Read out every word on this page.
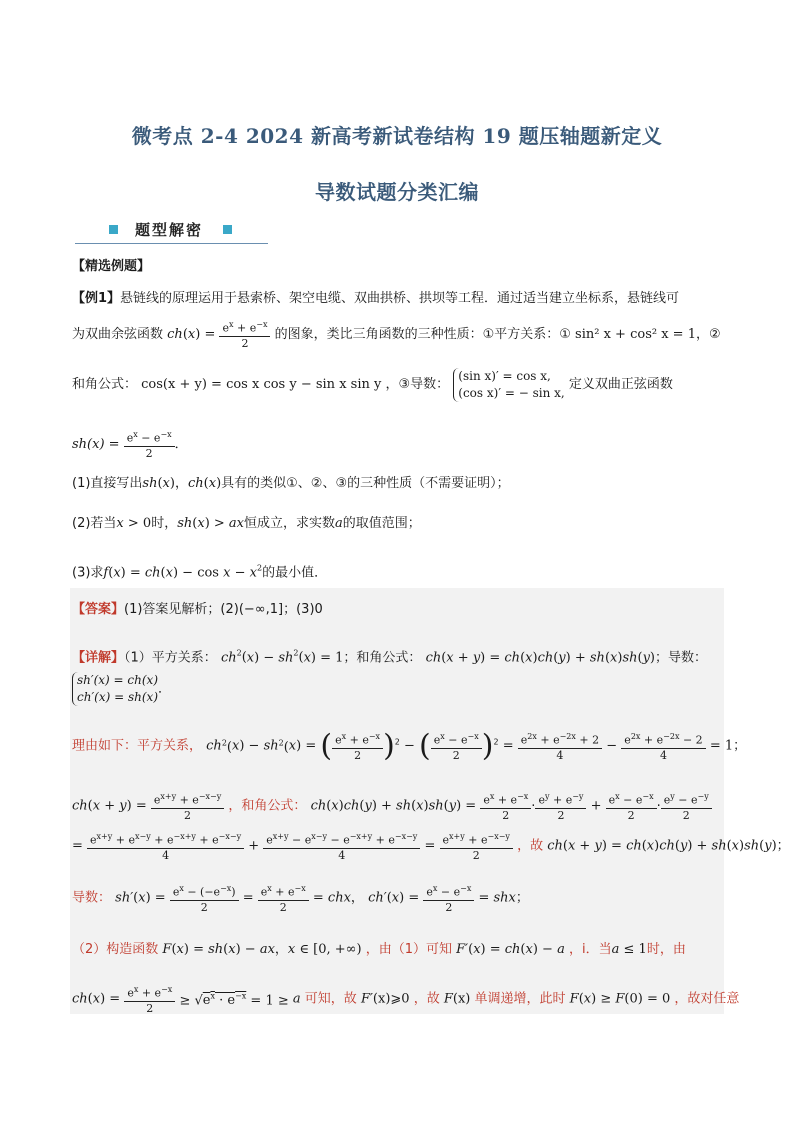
微考点 2-4 2024 新高考新试卷结构 19 题压轴题新定义
导数试题分类汇编
题型解密
【精选例题】
【例1】悬链线的原理运用于悬索桥、架空电缆、双曲拱桥、拱坝等工程．通过适当建立坐标系，悬链线可
为双曲余弦函数 $ch(x) = \frac{e^x + e^{-x}}{2}$ 的图象，类比三角函数的三种性质：①平方关系：① sin² x + cos² x = 1，②
和角公式： cos(x + y) = cos x cos y − sin x sin y ，③导数：
(sin x)′ = cos x,
(cos x)′ = − sin x,
定义双曲正弦函数
$sh(x) = \frac{e^x - e^{-x}}{2}$ ．
(1)直接写出sh(x)，ch(x)具有的类似①、②、③的三种性质（不需要证明）；
(2)若当x > 0时，sh(x) > ax恒成立，求实数a的取值范围；
(3)求$f(x) = ch(x) - \cos x - x^2$的最小值．
【答案】(1)答案见解析；(2)(−∞,1]；(3)0
【详解】（1）平方关系： $ch^2(x) - sh^2(x) = 1$；和角公式： ch(x + y) = ch(x)ch(y) + sh(x)sh(y)；导数：
sh′(x) = ch(x)
ch′(x) = sh(x)
．
理由如下：平方关系， $ch^2(x) - sh^2(x)$ = ( $\frac{e^x + e^{-x}}{2} )^2$ − ( $\frac{e^x - e^{-x}}{2} )^2 = \frac{e^{2x} + e^{-2x} + 2}{4} - \frac{e^{2x} + e^{-2x} - 2}{4} = 1$；
$ch(x + y) = \frac{e^{x+y} + e^{-x-y}}{2}$ ，和角公式： $ch(x)ch(y) + sh(x)sh(y) = \frac{e^x + e^{-x}}{2} \cdot \frac{e^y + e^{-y}}{2} + \frac{e^x - e^{-x}}{2} \cdot \frac{e^y - e^{-y}}{2}$
= $\frac{e^{x+y} + e^{x-y} + e^{-x+y} + e^{-x-y}}{4} + \frac{e^{x+y} - e^{x-y} - e^{-x+y} + e^{-x-y}}{4} = \frac{e^{x+y} + e^{-x-y}}{2}$ ，故 ch(x + y) = ch(x)ch(y) + sh(x)sh(y)；
导数： $sh'(x) = \frac{e^x - (-e^{-x})}{2} = \frac{e^x + e^{-x}}{2}$ = chx， $ch'(x) = \frac{e^x - e^{-x}}{2}$ = shx；
（2）构造函数 F(x) = sh(x) − ax，x ∈ [0, +∞) ，由（1）可知 F′(x) = ch(x) − a ，i．当a ≤ 1时，由
$ch(x) = \frac{e^x + e^{-x}}{2} \ge √e^x \cdot e^{-x} = 1 \ge a$ 可知，故 F′(x)⩾0 ，故 F(x) 单调递增，此时 F(x) ≥ F(0) = 0 ，故对任意
